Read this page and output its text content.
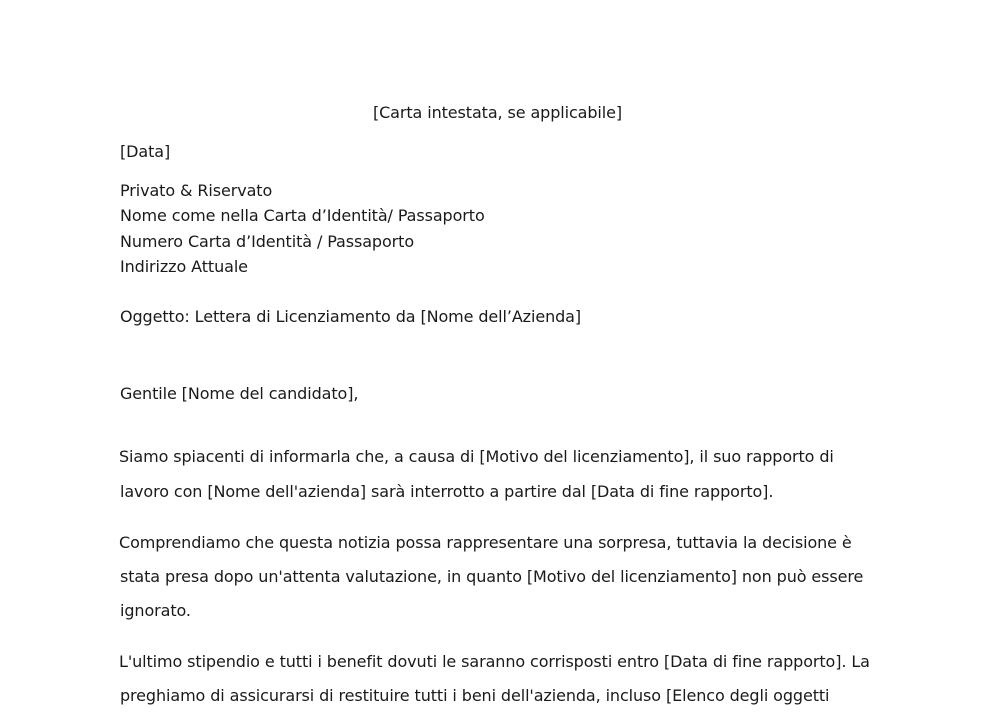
[Carta intestata, se applicabile]
[Data]
Privato & Riservato
Nome come nella Carta d’Identità/ Passaporto
Numero Carta d’Identità / Passaporto
Indirizzo Attuale
Oggetto: Lettera di Licenziamento da [Nome dell’Azienda]
Gentile [Nome del candidato],
Siamo spiacenti di informarla che, a causa di [Motivo del licenziamento], il suo rapporto di
lavoro con [Nome dell'azienda] sarà interrotto a partire dal [Data di fine rapporto].
Comprendiamo che questa notizia possa rappresentare una sorpresa, tuttavia la decisione è
stata presa dopo un'attenta valutazione, in quanto [Motivo del licenziamento] non può essere
ignorato.
L'ultimo stipendio e tutti i benefit dovuti le saranno corrisposti entro [Data di fine rapporto]. La
preghiamo di assicurarsi di restituire tutti i beni dell'azienda, incluso [Elenco degli oggetti
